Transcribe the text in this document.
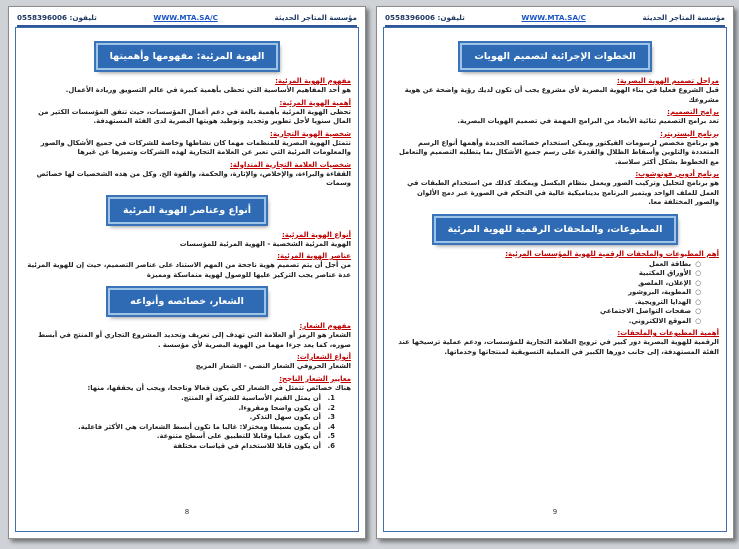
مؤسسة المتاجر الحديثة
WWW.MTA.SA/C
تليفون: 0558396006
الهوية المرئية: مفهومها وأهميتها
مفهوم الهوية المرئية:
هو أحد المفاهيم الأساسية التي تحظى بأهمية كبيرة في عالم التسويق وريادة الأعمال.
أهمية الهوية المرئية:
تحظى الهوية المرئية بأهمية بالغة في دعم أعمال المؤسسات، حيث تنفق المؤسسات الكثير من المال سنويا لأجل تطوير وتجديد وتوطيد هويتها البصرية لدى الفئة المستهدفة.
شخصية الهوية التجارية:
تتمثل الهوية البصرية للمنظمات مهما كان نشاطها وخاصة للشركات في جميع الأشكال والصور والمعلومات المرئية التي تعبر عن العلامة التجارية لهذه الشركات وتميزها عن غيرها
شخصيات العلامة التجارية المتداولة:
القفاءة والبراءة، والإخلاص، والإثارة، والحكمة، والقوة الخ. وكل من هذه الشخصيات لها خصائص وسمات
أنواع وعناصر الهوية المرئية
أنواع الهوية المرئية:
الهوية المرئية الشخصية - الهوية المرئية للمؤسسات
عناصر الهوية المرئية:
من أجل أن يتم تصميم هوية ناجحة من المهم الاستناد على عناصر التصميم، حيث إن للهوية المرئية عدة عناصر يجب التركيز عليها للوصول لهوية متماسكة ومميزة
الشعار، خصائصه وأنواعه
مفهوم الشعار:
الشعار هو الرمز أو العلامة التي تهدف إلى تعريف وتحديد المشروع التجاري أو المنتج في أبسط صوره، كما يعد جزءا مهما من الهوية البصرية لأي مؤسسة .
أنواع الشعارات:
الشعار الحروفي الشعار النصي - الشعار المزيج
معايير الشعار الناجح:
هناك خصائص تتمثل في الشعار لكي يكون فعالا وناجحا، ويجب أن يحققها، منها:
1.
أن يمثل القيم الأساسية للشركة أو المنتج.
2.
أن يكون واضحا ومقروءا.
3.
أن يكون سهل التذكر.
4.
أن يكون بسيطا ومختزلا: غالبا ما تكون أبسط الشعارات هي الأكثر فاعلية.
5.
أن يكون عمليا وقابلا للتطبيق على أسطح متنوعة.
6.
أن يكون قابلا للاستخدام في قياسات مختلفة
8
مؤسسة المتاجر الحديثة
WWW.MTA.SA/C
تليفون: 0558396006
الخطوات الإجرائية لتصميم الهويات
مراحل تصميم الهوية البصرية:
قبل الشروع فعليا في بناء الهوية البصرية لأي مشروع يجب أن تكون لديك رؤية واضحة عن هوية مشروعك
برامج التصميم:
تعد برامج التصميم ثنائية الأبعاد من البرامج المهمة في تصميم الهويات البصرية.
برنامج اليستريتر:
هو برنامج مخصص لرسومات الفيكتور ويمكن استخدام خصائصه الجديدة وأهمها أنواع الرسم المتعددة والتلوين وأسقاط الظلال والقدرة على رسم جميع الأشكال بما يتطلبه التصميم والتعامل مع الخطوط بشكل أكثر سلاسة.
برنامج أدوبي فوتوشوب:
هو برنامج لتحليل وتركيب الصور ويعمل بنظام البكسل ويمكنك كذلك من استخدام الطبقات في العمل للملف الواحد ويتميز البرنامج بديناميكية عالية في التحكم في الصورة عبر دمج الألوان والصور المختلفة معا.
المطبوعات، والملحقات الرقمية للهوية المرئية
أهم المطبوعات والملحقات الرقمية للهوية المؤسسات المرئية:
○
بطاقة العمل
○
الأوراق المكتبية
○
الإعلان، الملصق
○
المطوية، البروشور
○
الهدايا الترويجية.
○
صفحات التواصل الاجتماعي
○
الموقع الالكتروني.
أهمية المطبوعات والملحقات:
الرقمية للهوية البصرية دور كبير في ترويج العلامة التجارية للمؤسسات، ودعم عملية ترسيخها عند الفئة المستهدفة، إلى جانب دورها الكبير في العملية التسويقية لمنتجاتها وخدماتها.
9
